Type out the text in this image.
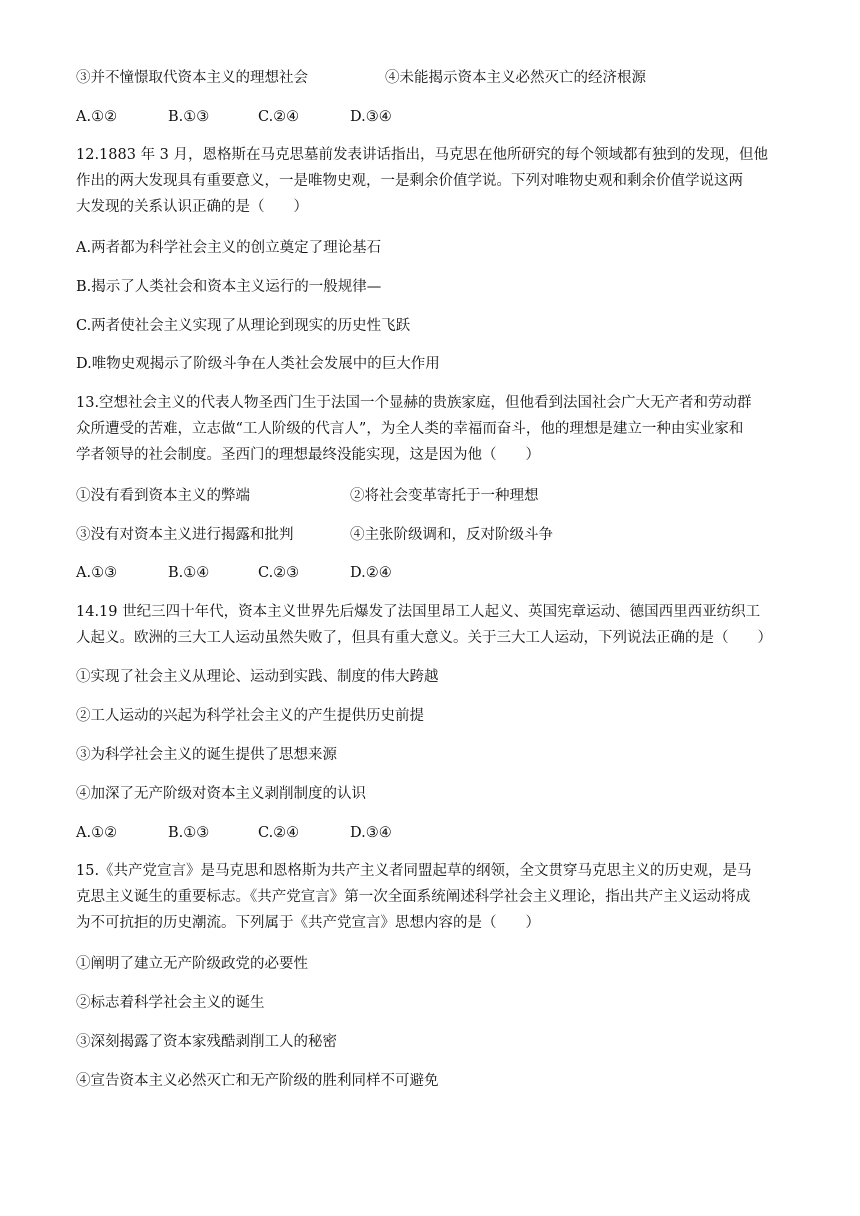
③并不憧憬取代资本主义的理想社会	④未能揭示资本主义必然灭亡的经济根源
A.①②	B.①③	C.②④	D.③④
12.1883 年 3 月，恩格斯在马克思墓前发表讲话指出，马克思在他所研究的每个领域都有独到的发现，但他
作出的两大发现具有重要意义，一是唯物史观，一是剩余价值学说。下列对唯物史观和剩余价值学说这两
大发现的关系认识正确的是（　　）
A.两者都为科学社会主义的创立奠定了理论基石
B.揭示了人类社会和资本主义运行的一般规律—
C.两者使社会主义实现了从理论到现实的历史性飞跃
D.唯物史观揭示了阶级斗争在人类社会发展中的巨大作用
13.空想社会主义的代表人物圣西门生于法国一个显赫的贵族家庭，但他看到法国社会广大无产者和劳动群
众所遭受的苦难，立志做“工人阶级的代言人”，为全人类的幸福而奋斗，他的理想是建立一种由实业家和
学者领导的社会制度。圣西门的理想最终没能实现，这是因为他（　　）
①没有看到资本主义的弊端	②将社会变革寄托于一种理想
③没有对资本主义进行揭露和批判	④主张阶级调和，反对阶级斗争
A.①③	B.①④	C.②③	D.②④
14.19 世纪三四十年代，资本主义世界先后爆发了法国里昂工人起义、英国宪章运动、德国西里西亚纺织工
人起义。欧洲的三大工人运动虽然失败了，但具有重大意义。关于三大工人运动，下列说法正确的是（　　）
①实现了社会主义从理论、运动到实践、制度的伟大跨越
②工人运动的兴起为科学社会主义的产生提供历史前提
③为科学社会主义的诞生提供了思想来源
④加深了无产阶级对资本主义剥削制度的认识
A.①②	B.①③	C.②④	D.③④
15.《共产党宣言》是马克思和恩格斯为共产主义者同盟起草的纲领，全文贯穿马克思主义的历史观，是马
克思主义诞生的重要标志。《共产党宣言》第一次全面系统阐述科学社会主义理论，指出共产主义运动将成
为不可抗拒的历史潮流。下列属于《共产党宣言》思想内容的是（　　）
①阐明了建立无产阶级政党的必要性
②标志着科学社会主义的诞生
③深刻揭露了资本家残酷剥削工人的秘密
④宣告资本主义必然灭亡和无产阶级的胜利同样不可避免
